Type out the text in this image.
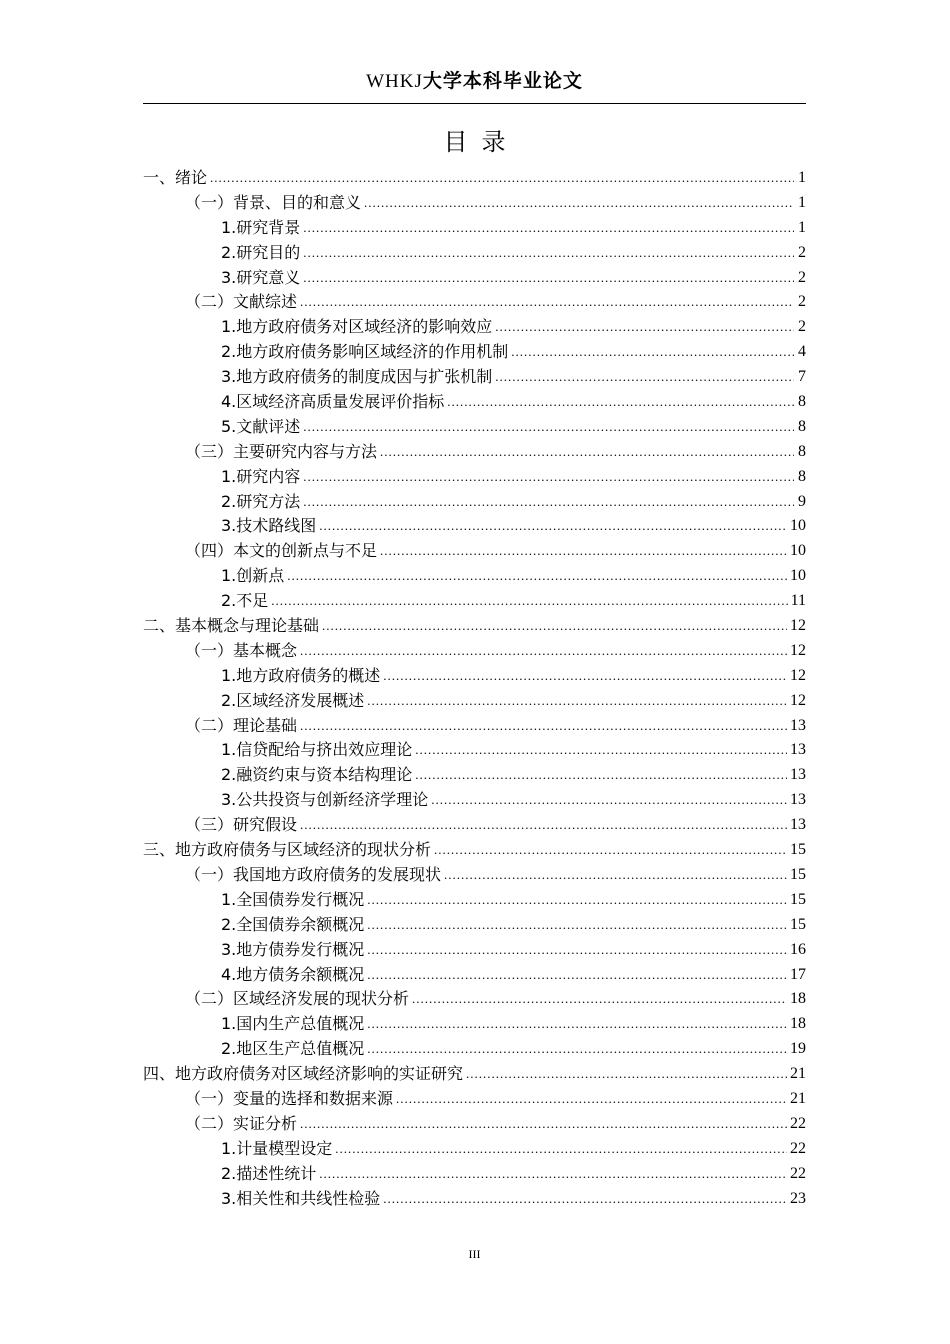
WHKJ大学本科毕业论文
目录
一、绪论 .....	1
（一）背景、目的和意义 .....	1
1.研究背景 .....	1
2.研究目的 .....	2
3.研究意义 .....	2
（二）文献综述 .....	2
1.地方政府债务对区域经济的影响效应 .....	2
2.地方政府债务影响区域经济的作用机制 .....	4
3.地方政府债务的制度成因与扩张机制 .....	7
4.区域经济高质量发展评价指标 .....	8
5.文献评述 .....	8
（三）主要研究内容与方法 .....	8
1.研究内容 .....	8
2.研究方法 .....	9
3.技术路线图 .....	10
（四）本文的创新点与不足 .....	10
1.创新点 .....	10
2.不足 .....	11
二、基本概念与理论基础 .....	12
（一）基本概念 .....	12
1.地方政府债务的概述 .....	12
2.区域经济发展概述 .....	12
（二）理论基础 .....	13
1.信贷配给与挤出效应理论 .....	13
2.融资约束与资本结构理论 .....	13
3.公共投资与创新经济学理论 .....	13
（三）研究假设 .....	13
三、地方政府债务与区域经济的现状分析 .....	15
（一）我国地方政府债务的发展现状 .....	15
1.全国债券发行概况 .....	15
2.全国债券余额概况 .....	15
3.地方债券发行概况 .....	16
4.地方债务余额概况 .....	17
（二）区域经济发展的现状分析 .....	18
1.国内生产总值概况 .....	18
2.地区生产总值概况 .....	19
四、地方政府债务对区域经济影响的实证研究 .....	21
（一）变量的选择和数据来源 .....	21
（二）实证分析 .....	22
1.计量模型设定 .....	22
2.描述性统计 .....	22
3.相关性和共线性检验 .....	23
III
